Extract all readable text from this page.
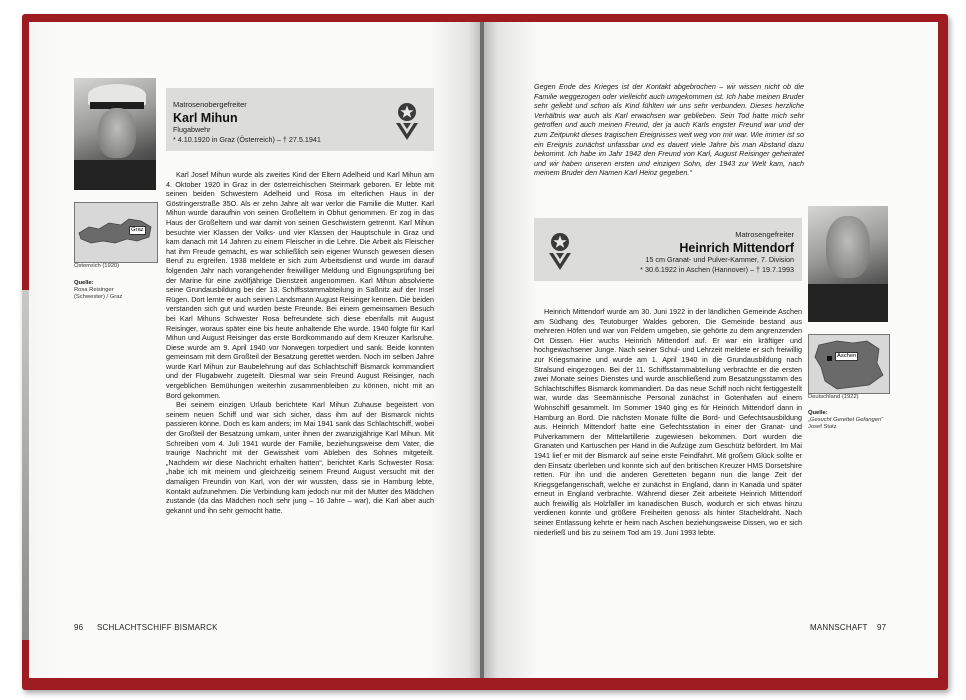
Matrosenobergefreiter
Karl Mihun
Flugabwehr
* 4.10.1920 in Graz (Österreich) – † 27.5.1941
Graz
Österreich (1920)
Quelle:
Rosa Reisinger
(Schwester) / Graz

Karl Josef Mihun wurde als zweites Kind der Eltern Adelheid und Karl Mihun am 4. Oktober 1920 in Graz in der österreichischen Steirmark geboren. Er lebte mit seinen beiden Schwestern Adelheid und Rosa im elterlichen Haus in der Göstringerstraße 35O. Als er zehn Jahre alt war verlor die Familie die Mutter. Karl Mihun wurde daraufhin von seinen Großeltern in Obhut genommen. Er zog in das Haus der Großeltern und war damit von seinen Geschwistern getrennt. Karl Mihun besuchte vier Klassen der Volks- und vier Klassen der Hauptschule in Graz und kam danach mit 14 Jahren zu einem Fleischer in die Lehre. Die Arbeit als Fleischer hat ihm Freude gemacht, es war schließlich sein eigener Wunsch gewesen diesen Beruf zu ergreifen. 1938 meldete er sich zum Arbeitsdienst und wurde im darauf folgenden Jahr nach vorangehender freiwilliger Meldung und Eignungsprüfung bei der Marine für eine zwölfjährige Dienstzeit angenommen. Karl Mihun absolvierte seine Grundausbildung bei der 13. Schiffsstammabteilung in Saßnitz auf der Insel Rügen. Dort lernte er auch seinen Landsmann August Reisinger kennen. Die beiden verstanden sich gut und wurden beste Freunde. Bei einem gemeinsamen Besuch bei Karl Mihuns Schwester Rosa befreundete sich diese ebenfalls mit August Reisinger, woraus später eine bis heute anhaltende Ehe wurde. 1940 folgte für Karl Mihun und August Reisinger das erste Bordkommando auf dem Kreuzer Karlsruhe. Diese wurde am 9. April 1940 vor Norwegen torpediert und sank. Beide konnten gemeinsam mit dem Großteil der Besatzung gerettet werden. Noch im selben Jahre wurde Karl Mihun zur Baubelehrung auf das Schlachtschiff Bismarck kommandiert und der Flugabwehr zugeteilt. Diesmal war sein Freund August Reisinger, nach vergeblichen Bemühungen weiterhin zusammenbleiben zu können, nicht mit an Bord gekommen.

Bei seinem einzigen Urlaub berichtete Karl Mihun Zuhause begeistert von seinem neuen Schiff und war sich sicher, dass ihm auf der Bismarck nichts passieren könne. Doch es kam anders; im Mai 1941 sank das Schlachtschiff, wobei der Großteil der Besatzung umkam, unter ihnen der zwanzigjährige Karl Mihun. Mit Schreiben vom 4. Juli 1941 wurde der Familie, beziehungsweise dem Vater, die traurige Nachricht mit der Gewissheit vom Ableben des Sohnes mitgeteilt. „Nachdem wir diese Nachricht erhalten hatten“, berichtet Karls Schwester Rosa: „habe ich mit meinem und gleichzeitig seinem Freund August versucht mit der damaligen Freundin von Karl, von der wir wussten, dass sie in Hamburg lebte, Kontakt aufzunehmen. Die Verbindung kam jedoch nur mit der Mutter des Mädchen zustande (da das Mädchen noch sehr jung – 16 Jahre – war), die Karl aber auch gekannt und ihn sehr gemocht hatte.

96 SCHLACHTSCHIFF BISMARCK
Gegen Ende des Krieges ist der Kontakt abgebrochen – wir wissen nicht ob die Familie weggezogen oder vielleicht auch umgekommen ist. Ich habe meinen Bruder sehr geliebt und schon als Kind fühlten wir uns sehr verbunden. Dieses herzliche Verhältnis war auch als Karl erwachsen war geblieben. Sein Tod hatte mich sehr getroffen und auch meinen Freund, der ja auch Karls engster Freund war und der zum Zeitpunkt dieses tragischen Ereignisses weit weg von mir war. Wie immer ist so ein Ereignis zunächst unfassbar und es dauert viele Jahre bis man Abstand dazu bekommt. Ich habe im Jahr 1942 den Freund von Karl, August Reisinger geheiratet und wir haben unseren ersten und einzigen Sohn, der 1943 zur Welt kam, nach meinem Bruder den Namen Karl Heinz gegeben.“
Matrosengefreiter
Heinrich Mittendorf
15 cm Granat- und Pulver-Kammer, 7. Division
* 30.6.1922 in Aschen (Hannover) – † 19.7.1993
Aschen
Deutschland (1922)
Quelle:
„Gesucht Gerettet Gefangen“
Josef Statz

Heinrich Mittendorf wurde am 30. Juni 1922 in der ländlichen Gemeinde Aschen am Südhang des Teutoburger Waldes geboren. Die Gemeinde bestand aus mehreren Höfen und war von Feldern umgeben, sie gehörte zu dem angrenzenden Ort Dissen. Hier wuchs Heinrich Mittendorf auf. Er war ein kräftiger und hochgewachsener Junge. Nach seiner Schul- und Lehrzeit meldete er sich freiwillig zur Kriegsmarine und wurde am 1. April 1940 in die Grundausbildung nach Stralsund eingezogen. Bei der 11. Schiffsstammabteilung verbrachte er die ersten zwei Monate seines Dienstes und wurde anschließend zum Besatzungsstamm des Schlachtschiffes Bismarck kommandiert. Da das neue Schiff noch nicht fertiggestellt war, wurde das Seemännische Personal zunächst in Gotenhafen auf einem Wohnschiff gesammelt. Im Sommer 1940 ging es für Heinrich Mittendorf dann in Hamburg an Bord. Die nächsten Monate füllte die Bord- und Gefechtsausbildung aus. Heinrich Mittendorf hatte eine Gefechtsstation in einer der Granat- und Pulverkammern der Mittelartillerie zugewiesen bekommen. Dort wurden die Granaten und Kartuschen per Hand in die Aufzüge zum Geschütz befördert. Im Mai 1941 lief er mit der Bismarck auf seine erste Feindfahrt. Mit großem Glück sollte er den Einsatz überleben und konnte sich auf den britischen Kreuzer HMS Dorsetshire retten. Für ihn und die anderen Geretteten begann nun die lange Zeit der Kriegsgefangenschaft, welche er zunächst in England, dann in Kanada und später erneut in England verbrachte. Während dieser Zeit arbeitete Heinrich Mittendorf auch freiwillig als Holzfäller im kanadischen Busch, wodurch er sich etwas hinzu verdienen konnte und größere Freiheiten genoss als hinter Stacheldraht. Nach seiner Entlassung kehrte er heim nach Aschen beziehungsweise Dissen, wo er sich niederließ und bis zu seinem Tod am 19. Juni 1993 lebte.

MANNSCHAFT 97
